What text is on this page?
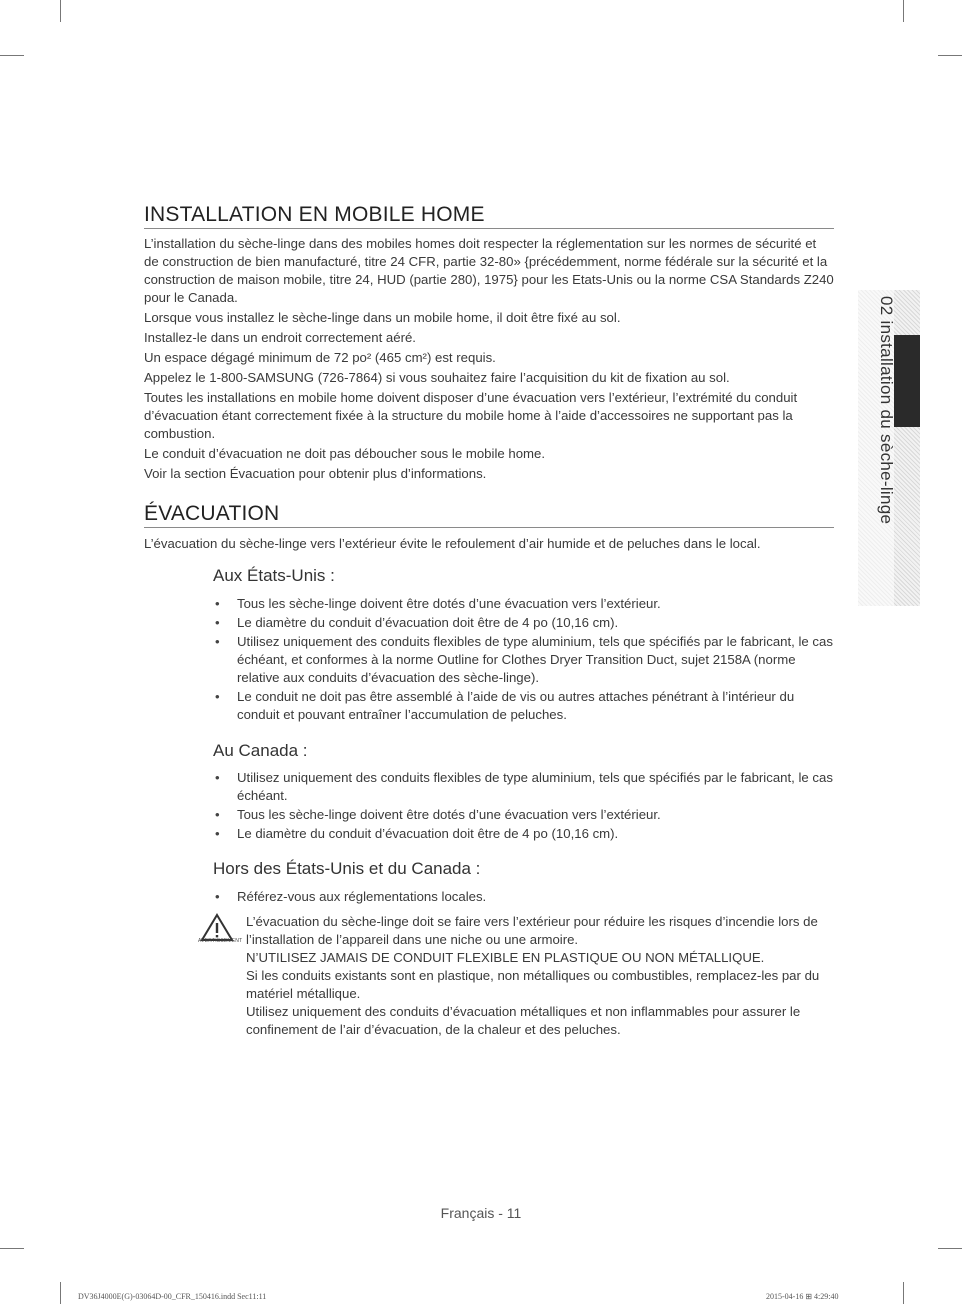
02 installation du sèche-linge
INSTALLATION EN MOBILE HOME

L’installation du sèche-linge dans des mobiles homes doit respecter la réglementation sur les normes de sécurité et de construction de bien manufacturé, titre 24 CFR, partie 32-80» {précédemment, norme fédérale sur la sécurité et la construction de maison mobile, titre 24, HUD (partie 280), 1975} pour les Etats-Unis ou la norme CSA Standards Z240 pour le Canada.

Lorsque vous installez le sèche-linge dans un mobile home, il doit être fixé au sol.

Installez-le dans un endroit correctement aéré.

Un espace dégagé minimum de 72 po² (465 cm²) est requis.

Appelez le 1-800-SAMSUNG (726-7864) si vous souhaitez faire l’acquisition du kit de fixation au sol.

Toutes les installations en mobile home doivent disposer d’une évacuation vers l’extérieur, l’extrémité du conduit d’évacuation étant correctement fixée à la structure du mobile home à l’aide d’accessoires ne supportant pas la combustion.

Le conduit d’évacuation ne doit pas déboucher sous le mobile home.

Voir la section Évacuation pour obtenir plus d’informations.

ÉVACUATION

L’évacuation du sèche-linge vers l’extérieur évite le refoulement d’air humide et de peluches dans le local.

Aux États-Unis :
• Tous les sèche-linge doivent être dotés d’une évacuation vers l’extérieur.
• Le diamètre du conduit d’évacuation doit être de 4 po (10,16 cm).
• Utilisez uniquement des conduits flexibles de type aluminium, tels que spécifiés par le fabricant, le cas échéant, et conformes à la norme Outline for Clothes Dryer Transition Duct, sujet 2158A (norme relative aux conduits d’évacuation des sèche-linge).
• Le conduit ne doit pas être assemblé à l’aide de vis ou autres attaches pénétrant à l’intérieur du conduit et pouvant entraîner l’accumulation de peluches.
Au Canada :
• Utilisez uniquement des conduits flexibles de type aluminium, tels que spécifiés par le fabricant, le cas échéant.
• Tous les sèche-linge doivent être dotés d’une évacuation vers l’extérieur.
• Le diamètre du conduit d’évacuation doit être de 4 po (10,16 cm).
Hors des États-Unis et du Canada :
• Référez-vous aux réglementations locales.
AVERTISSEMENT

L’évacuation du sèche-linge doit se faire vers l’extérieur pour réduire les risques d’incendie lors de l’installation de l’appareil dans une niche ou une armoire.

N’UTILISEZ JAMAIS DE CONDUIT FLEXIBLE EN PLASTIQUE OU NON MÉTALLIQUE.

Si les conduits existants sont en plastique, non métalliques ou combustibles, remplacez-les par du matériel métallique.

Utilisez uniquement des conduits d’évacuation métalliques et non inflammables pour assurer le confinement de l’air d’évacuation, de la chaleur et des peluches.

Français - 11
DV36J4000E(G)-03064D-00_CFR_150416.indd Sec11:11	2015-04-16 ⊞ 4:29:40
